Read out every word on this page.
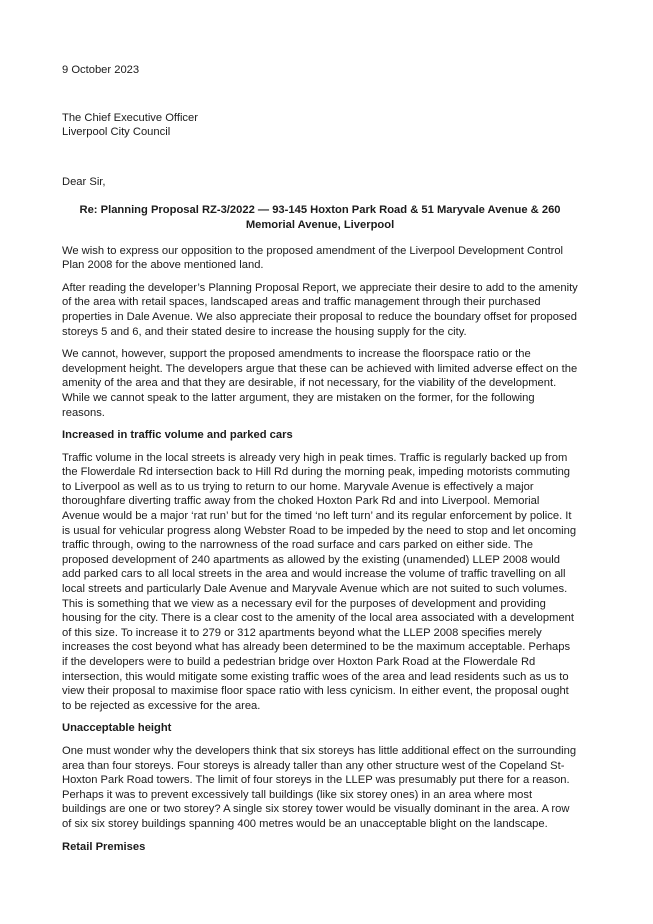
9 October 2023

The Chief Executive Officer
Liverpool City Council

Dear Sir,

Re: Planning Proposal RZ-3/2022 — 93-145 Hoxton Park Road & 51 Maryvale Avenue & 260 Memorial Avenue, Liverpool

We wish to express our opposition to the proposed amendment of the Liverpool Development Control Plan 2008 for the above mentioned land.

After reading the developer’s Planning Proposal Report, we appreciate their desire to add to the amenity of the area with retail spaces, landscaped areas and traffic management through their purchased properties in Dale Avenue. We also appreciate their proposal to reduce the boundary offset for proposed storeys 5 and 6, and their stated desire to increase the housing supply for the city.

We cannot, however, support the proposed amendments to increase the floorspace ratio or the development height. The developers argue that these can be achieved with limited adverse effect on the amenity of the area and that they are desirable, if not necessary, for the viability of the development. While we cannot speak to the latter argument, they are mistaken on the former, for the following reasons.

Increased in traffic volume and parked cars

Traffic volume in the local streets is already very high in peak times. Traffic is regularly backed up from the Flowerdale Rd intersection back to Hill Rd during the morning peak, impeding motorists commuting to Liverpool as well as to us trying to return to our home. Maryvale Avenue is effectively a major thoroughfare diverting traffic away from the choked Hoxton Park Rd and into Liverpool. Memorial Avenue would be a major ‘rat run’ but for the timed ‘no left turn’ and its regular enforcement by police. It is usual for vehicular progress along Webster Road to be impeded by the need to stop and let oncoming traffic through, owing to the narrowness of the road surface and cars parked on either side. The proposed development of 240 apartments as allowed by the existing (unamended) LLEP 2008 would add parked cars to all local streets in the area and would increase the volume of traffic travelling on all local streets and particularly Dale Avenue and Maryvale Avenue which are not suited to such volumes. This is something that we view as a necessary evil for the purposes of development and providing housing for the city. There is a clear cost to the amenity of the local area associated with a development of this size. To increase it to 279 or 312 apartments beyond what the LLEP 2008 specifies merely increases the cost beyond what has already been determined to be the maximum acceptable. Perhaps if the developers were to build a pedestrian bridge over Hoxton Park Road at the Flowerdale Rd intersection, this would mitigate some existing traffic woes of the area and lead residents such as us to view their proposal to maximise floor space ratio with less cynicism. In either event, the proposal ought to be rejected as excessive for the area.

Unacceptable height

One must wonder why the developers think that six storeys has little additional effect on the surrounding area than four storeys. Four storeys is already taller than any other structure west of the Copeland St-Hoxton Park Road towers. The limit of four storeys in the LLEP was presumably put there for a reason. Perhaps it was to prevent excessively tall buildings (like six storey ones) in an area where most buildings are one or two storey? A single six storey tower would be visually dominant in the area. A row of six six storey buildings spanning 400 metres would be an unacceptable blight on the landscape.

Retail Premises
